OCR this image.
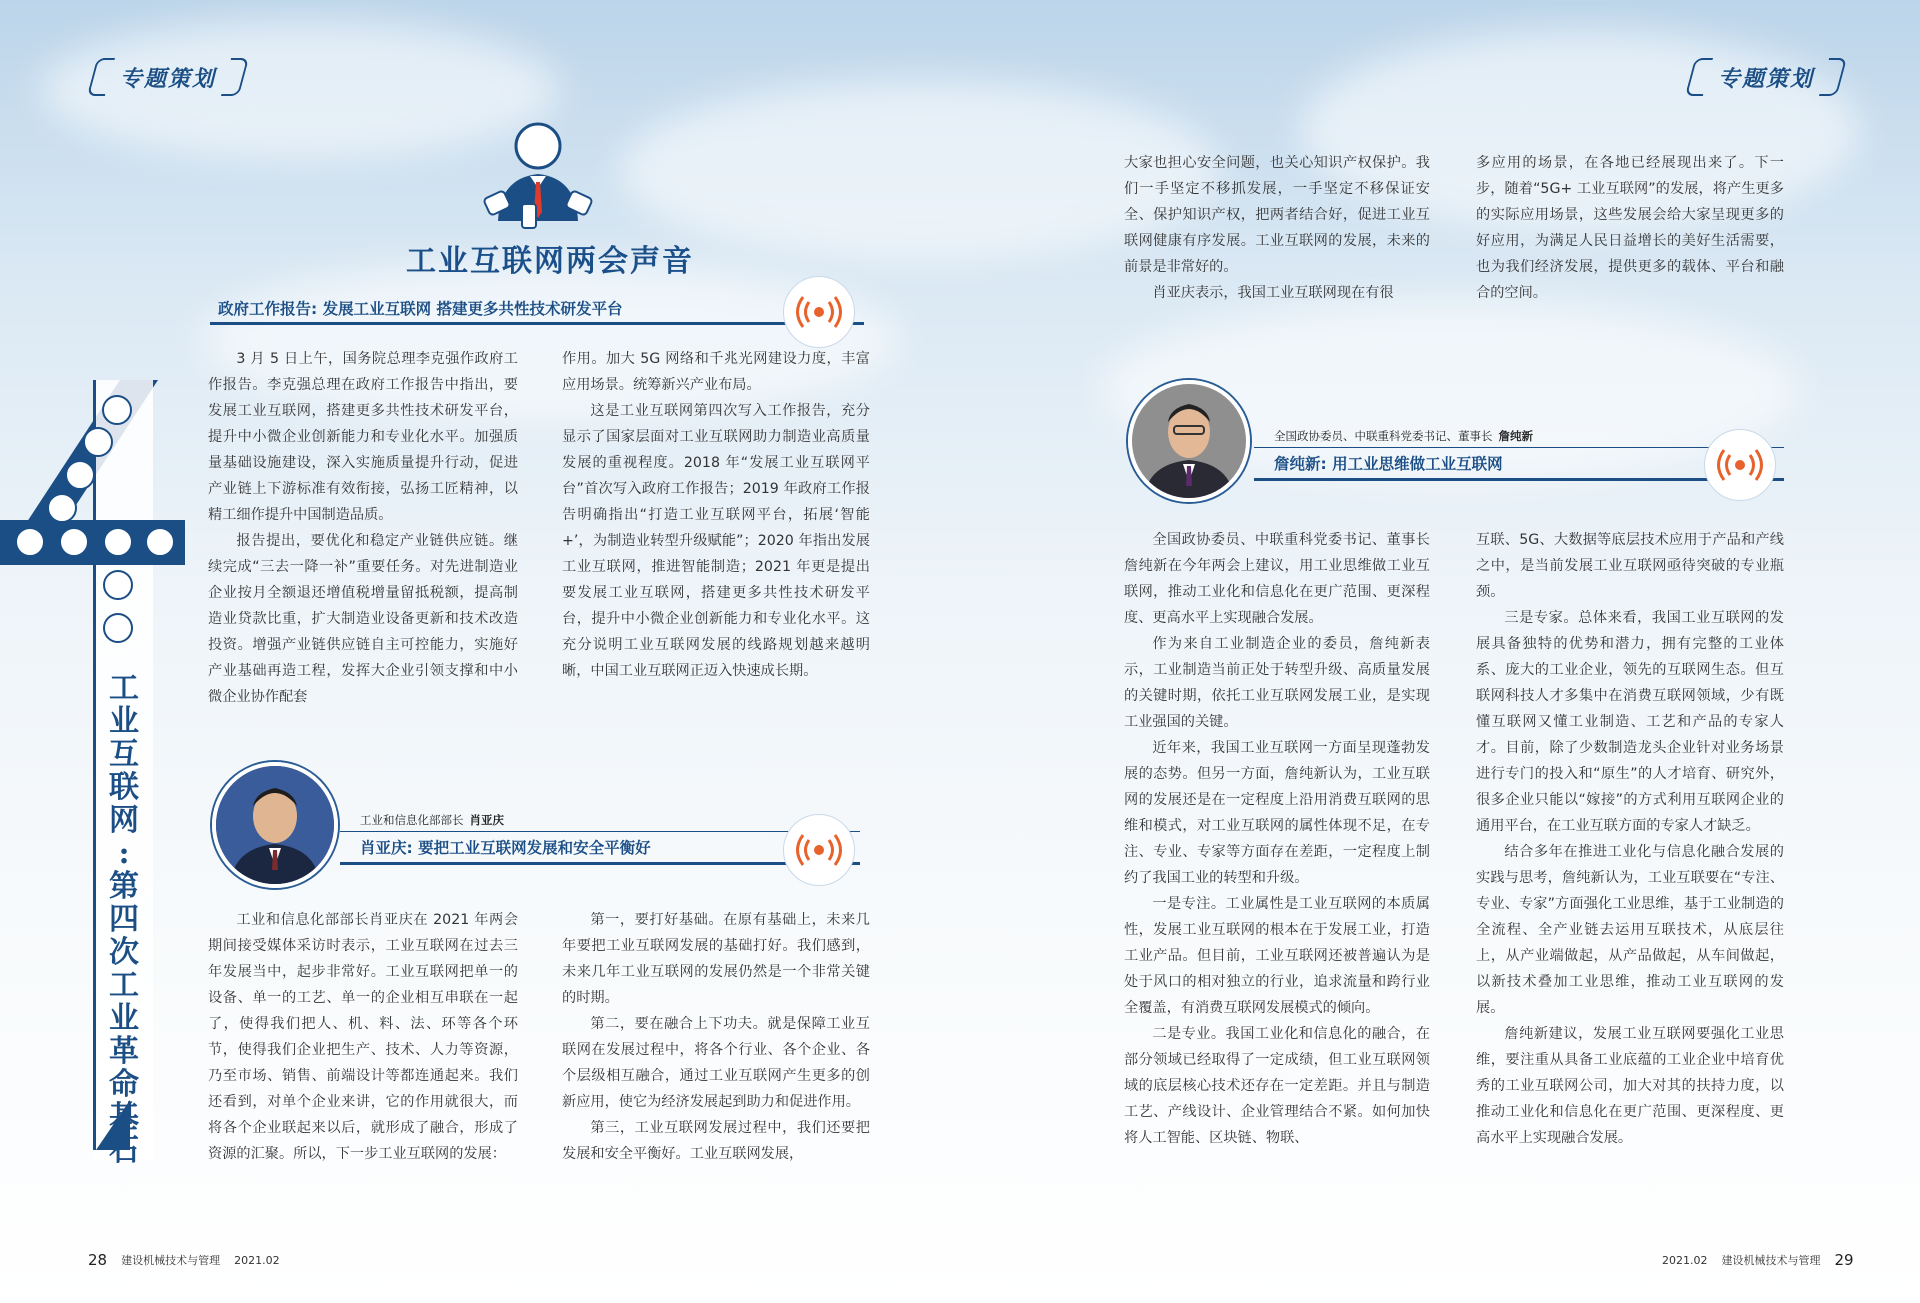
专题策划	专题策划
工业互联网两会声音
政府工作报告: 发展工业互联网 搭建更多共性技术研发平台

3 月 5 日上午，国务院总理李克强作政府工作报告。李克强总理在政府工作报告中指出，要发展工业互联网，搭建更多共性技术研发平台，提升中小微企业创新能力和专业化水平。加强质量基础设施建设，深入实施质量提升行动，促进产业链上下游标准有效衔接，弘扬工匠精神，以精工细作提升中国制造品质。

报告提出，要优化和稳定产业链供应链。继续完成“三去一降一补”重要任务。对先进制造业企业按月全额退还增值税增量留抵税额，提高制造业贷款比重，扩大制造业设备更新和技术改造投资。增强产业链供应链自主可控能力，实施好产业基础再造工程，发挥大企业引领支撑和中小微企业协作配套

作用。加大 5G 网络和千兆光网建设力度，丰富应用场景。统筹新兴产业布局。

这是工业互联网第四次写入工作报告，充分显示了国家层面对工业互联网助力制造业高质量发展的重视程度。2018 年“发展工业互联网平台”首次写入政府工作报告；2019 年政府工作报告明确指出“打造工业互联网平台，拓展‘智能 +’，为制造业转型升级赋能”；2020 年指出发展工业互联网，推进智能制造；2021 年更是提出要发展工业互联网，搭建更多共性技术研发平台，提升中小微企业创新能力和专业化水平。这充分说明工业互联网发展的线路规划越来越明晰，中国工业互联网正迈入快速成长期。

工
业
互
联
网
:
第
四
次
工
业
革
命
基
石
工业和信息化部部长 肖亚庆
肖亚庆: 要把工业互联网发展和安全平衡好

工业和信息化部部长肖亚庆在 2021 年两会期间接受媒体采访时表示，工业互联网在过去三年发展当中，起步非常好。工业互联网把单一的设备、单一的工艺、单一的企业相互串联在一起了，使得我们把人、机、料、法、环等各个环节，使得我们企业把生产、技术、人力等资源，乃至市场、销售、前端设计等都连通起来。我们还看到，对单个企业来讲，它的作用就很大，而将各个企业联起来以后，就形成了融合，形成了资源的汇聚。所以，下一步工业互联网的发展：

第一，要打好基础。在原有基础上，未来几年要把工业互联网发展的基础打好。我们感到，未来几年工业互联网的发展仍然是一个非常关键的时期。

第二，要在融合上下功夫。就是保障工业互联网在发展过程中，将各个行业、各个企业、各个层级相互融合，通过工业互联网产生更多的创新应用，使它为经济发展起到助力和促进作用。

第三，工业互联网发展过程中，我们还要把发展和安全平衡好。工业互联网发展，

大家也担心安全问题，也关心知识产权保护。我们一手坚定不移抓发展，一手坚定不移保证安全、保护知识产权，把两者结合好，促进工业互联网健康有序发展。工业互联网的发展，未来的前景是非常好的。

肖亚庆表示，我国工业互联网现在有很

多应用的场景，在各地已经展现出来了。下一步，随着“5G+ 工业互联网”的发展，将产生更多的实际应用场景，这些发展会给大家呈现更多的好应用，为满足人民日益增长的美好生活需要，也为我们经济发展，提供更多的载体、平台和融合的空间。

全国政协委员、中联重科党委书记、董事长 詹纯新
詹纯新: 用工业思维做工业互联网

全国政协委员、中联重科党委书记、董事长詹纯新在今年两会上建议，用工业思维做工业互联网，推动工业化和信息化在更广范围、更深程度、更高水平上实现融合发展。

作为来自工业制造企业的委员，詹纯新表示，工业制造当前正处于转型升级、高质量发展的关键时期，依托工业互联网发展工业，是实现工业强国的关键。

近年来，我国工业互联网一方面呈现蓬勃发展的态势。但另一方面，詹纯新认为，工业互联网的发展还是在一定程度上沿用消费互联网的思维和模式，对工业互联网的属性体现不足，在专注、专业、专家等方面存在差距，一定程度上制约了我国工业的转型和升级。

一是专注。工业属性是工业互联网的本质属性，发展工业互联网的根本在于发展工业，打造工业产品。但目前，工业互联网还被普遍认为是处于风口的相对独立的行业，追求流量和跨行业全覆盖，有消费互联网发展模式的倾向。

二是专业。我国工业化和信息化的融合，在部分领域已经取得了一定成绩，但工业互联网领域的底层核心技术还存在一定差距。并且与制造工艺、产线设计、企业管理结合不紧。如何加快将人工智能、区块链、物联、

互联、5G、大数据等底层技术应用于产品和产线之中，是当前发展工业互联网亟待突破的专业瓶颈。

三是专家。总体来看，我国工业互联网的发展具备独特的优势和潜力，拥有完整的工业体系、庞大的工业企业，领先的互联网生态。但互联网科技人才多集中在消费互联网领域，少有既懂互联网又懂工业制造、工艺和产品的专家人才。目前，除了少数制造龙头企业针对业务场景进行专门的投入和“原生”的人才培育、研究外，很多企业只能以“嫁接”的方式利用互联网企业的通用平台，在工业互联方面的专家人才缺乏。

结合多年在推进工业化与信息化融合发展的实践与思考，詹纯新认为，工业互联要在“专注、专业、专家”方面强化工业思维，基于工业制造的全流程、全产业链去运用互联技术，从底层往上，从产业端做起，从产品做起，从车间做起，以新技术叠加工业思维，推动工业互联网的发展。

詹纯新建议，发展工业互联网要强化工业思维，要注重从具备工业底蕴的工业企业中培育优秀的工业互联网公司，加大对其的扶持力度，以推动工业化和信息化在更广范围、更深程度、更高水平上实现融合发展。

28 建设机械技术与管理 2021.02	2021.02 建设机械技术与管理 29
